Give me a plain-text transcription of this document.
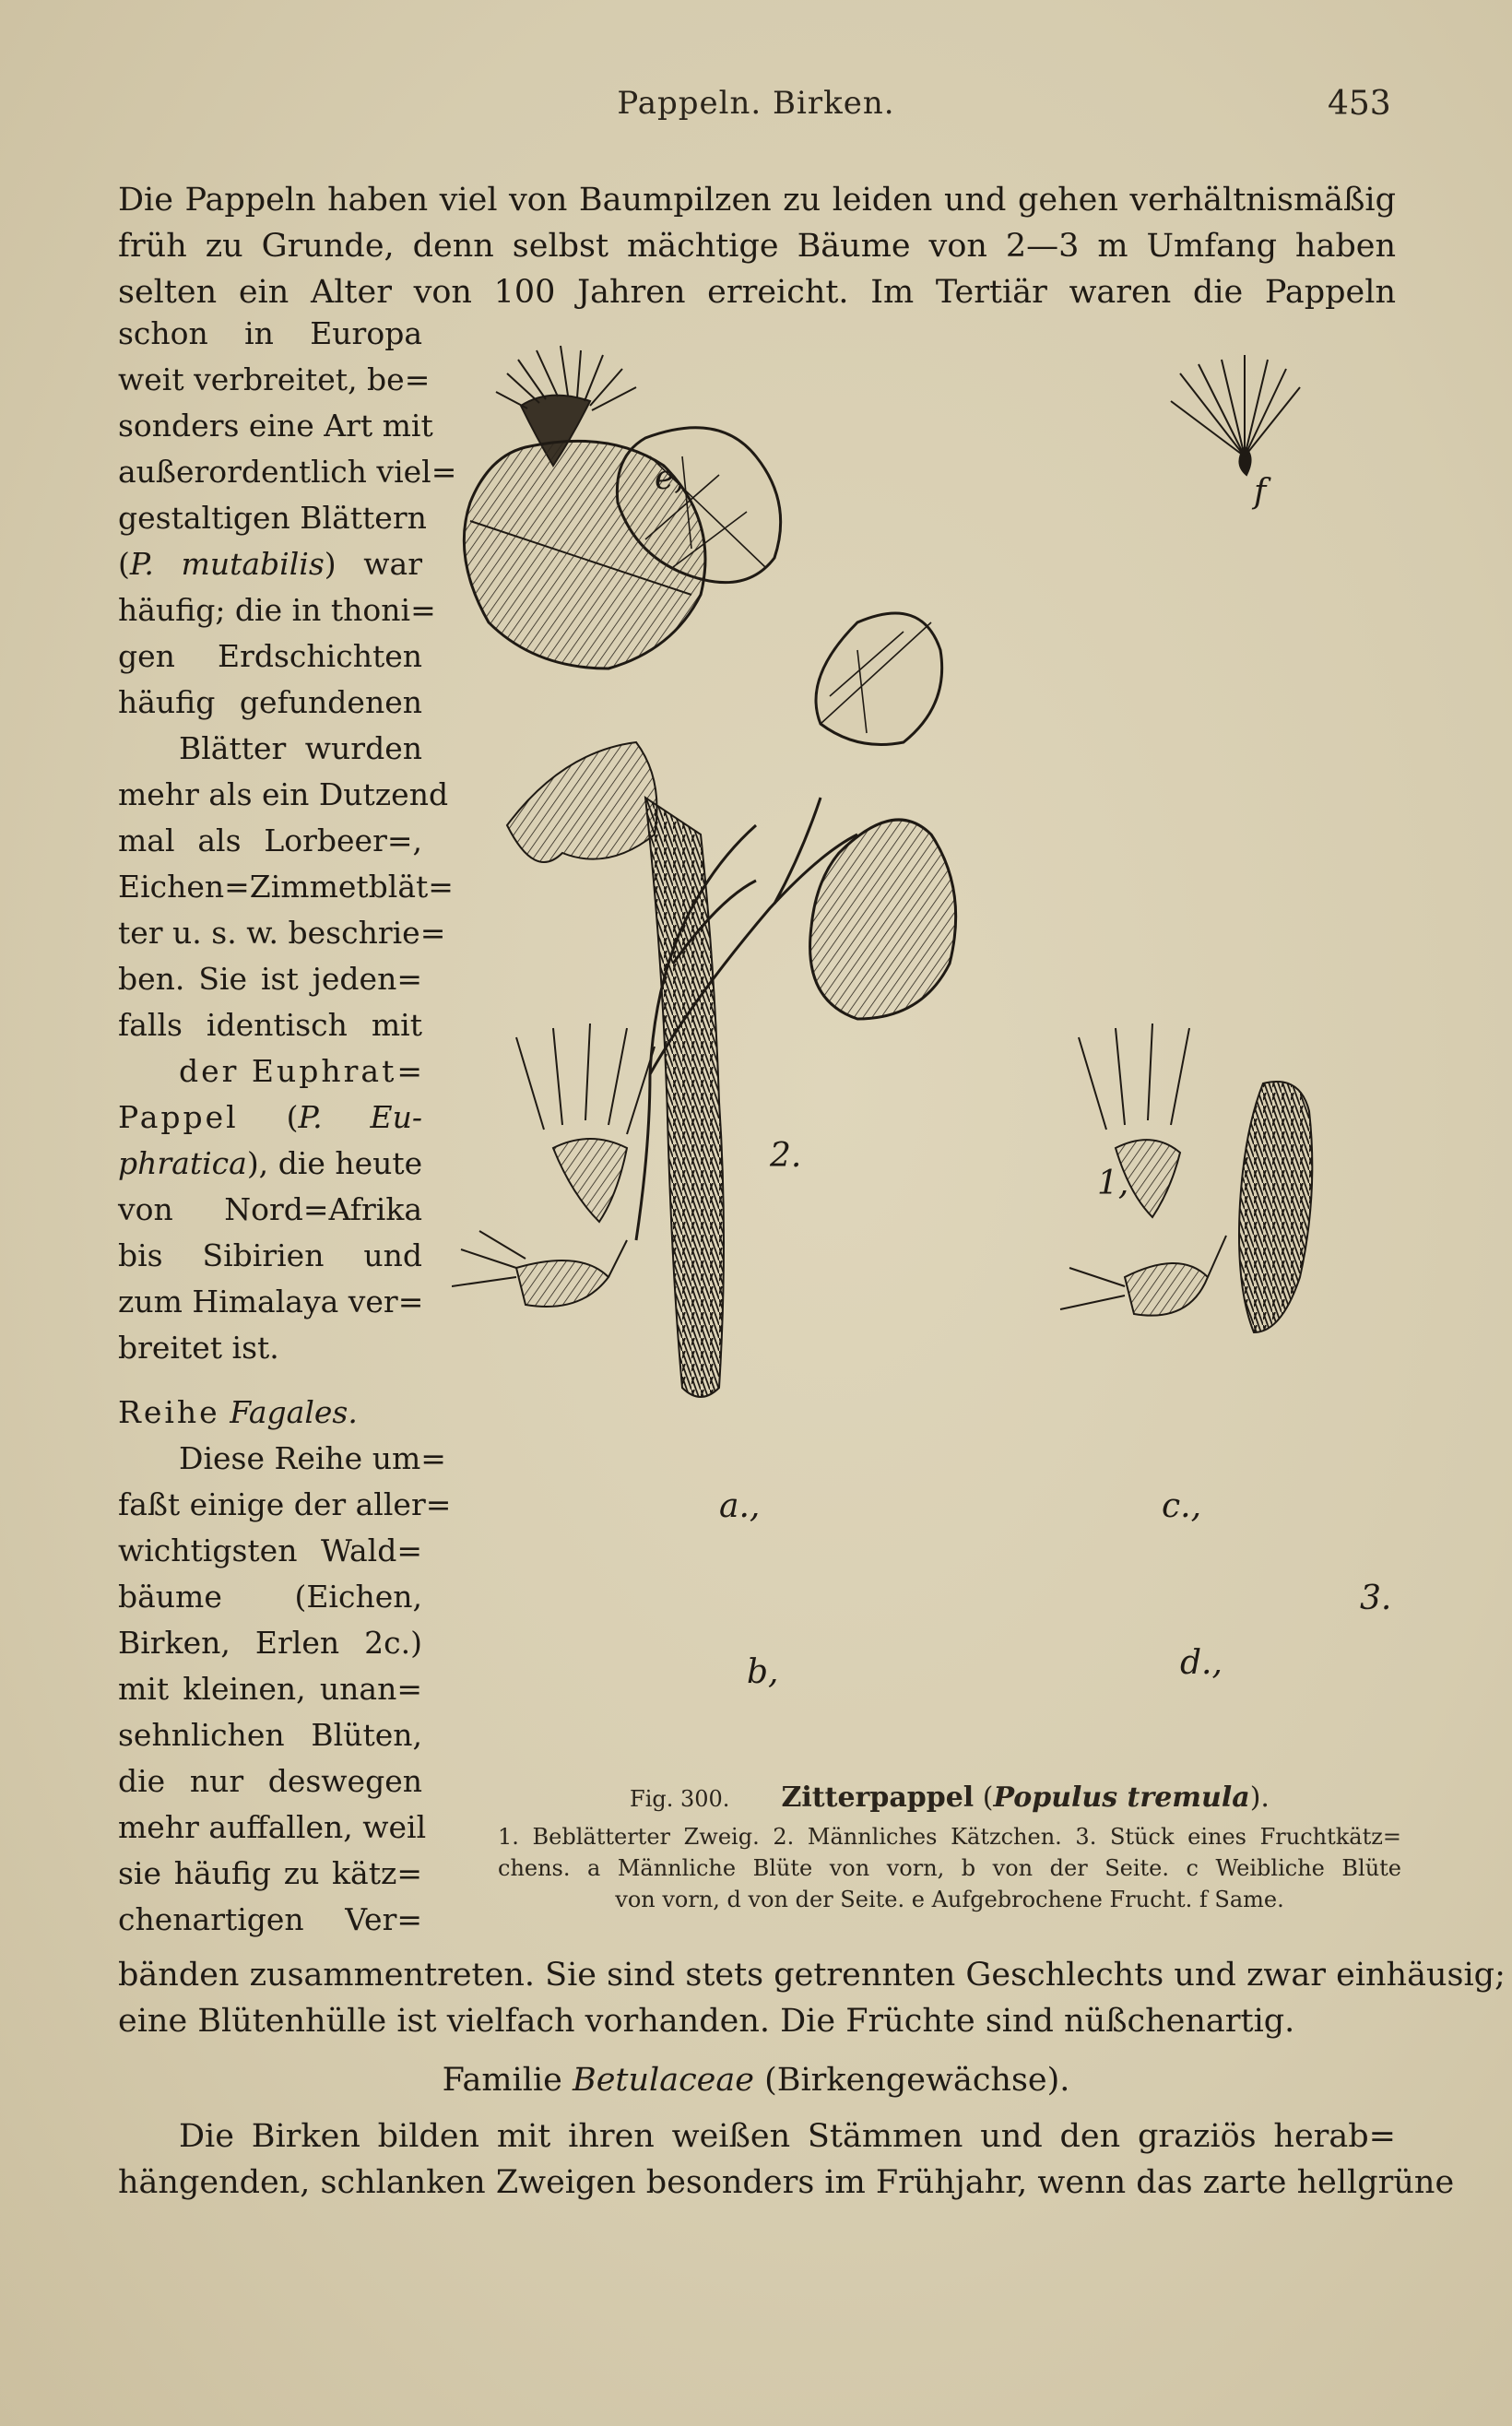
Pappeln. Birken.	453
Die Pappeln haben viel von Baumpilzen zu leiden und gehen verhältnismäßig
früh zu Grunde, denn selbst mächtige Bäume von 2—3 m Umfang haben
selten ein Alter von 100 Jahren erreicht. Im Tertiär waren die Pappeln
schon in Europa
weit verbreitet, be=
sonders eine Art mit
außerordentlich viel=
gestaltigen Blättern
(P. mutabilis) war
häufig; die in thoni=
gen Erdschichten
häufig gefundenen
Blätter wurden
mehr als ein Dutzend
mal als Lorbeer=,
Eichen=Zimmetblät=
ter u. s. w. beschrie=
ben. Sie ist jeden=
falls identisch mit
der Euphrat=
Pappel (P. Eu-
phratica), die heute
von Nord=Afrika
bis Sibirien und
zum Himalaya ver=
breitet ist.
Reihe Fagales.
Diese Reihe um=
faßt einige der aller=
wichtigsten Wald=
bäume (Eichen,
Birken, Erlen 2c.)
mit kleinen, unan=
sehnlichen Blüten,
die nur deswegen
mehr auffallen, weil
sie häufig zu kätz=
chenartigen Ver=
e,	f
1,
2.
a.,
b,
c.,
d.,
3.
Fig. 300. Zitterpappel (Populus tremula).
1. Beblätterter Zweig. 2. Männliches Kätzchen. 3. Stück eines Fruchtkätz=
chens. a Männliche Blüte von vorn, b von der Seite. c Weibliche Blüte
von vorn, d von der Seite. e Aufgebrochene Frucht. f Same.
bänden zusammentreten. Sie sind stets getrennten Geschlechts und zwar einhäusig;
eine Blütenhülle ist vielfach vorhanden. Die Früchte sind nüßchenartig.
Familie Betulaceae (Birkengewächse).
Die Birken bilden mit ihren weißen Stämmen und den graziös herab=
hängenden, schlanken Zweigen besonders im Frühjahr, wenn das zarte hellgrüne
